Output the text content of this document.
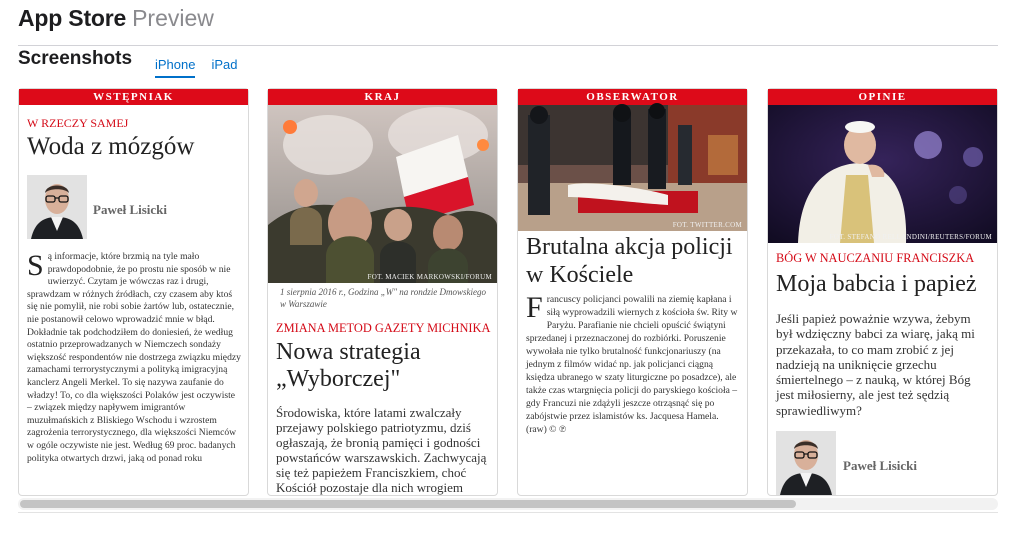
App Store Preview
Screenshots iPhone iPad
WSTĘPNIAK
W RZECZY SAMEJ
Woda z mózgów
Paweł Lisicki
Są informacje, które brzmią na tyle mało prawdopodobnie, że po prostu nie sposób w nie uwierzyć. Czytam je wówczas raz i drugi, sprawdzam w różnych źródłach, czy czasem aby ktoś się nie pomylił, nie robi sobie żartów lub, ostatecznie, nie postanowił celowo wprowadzić mnie w błąd. Dokładnie tak podchodziłem do doniesień, że według ostatnio przeprowadzanych w Niemczech sondaży większość respondentów nie dostrzega związku między zamachami terrorystycznymi a polityką imigracyjną kanclerz Angeli Merkel. To się nazywa zaufanie do władzy! To, co dla większości Polaków jest oczywiste – związek między napływem imigrantów muzułmańskich z Bliskiego Wschodu i wzrostem zagrożenia terrorystycznego, dla większości Niemców w ogóle oczywiste nie jest. Według 69 proc. badanych polityka otwartych drzwi, jaką od ponad roku
KRAJ
FOT. MACIEK MARKOWSKI/FORUM
1 sierpnia 2016 r., Godzina „W" na rondzie Dmowskiego w Warszawie
ZMIANA METOD GAZETY MICHNIKA
Nowa strategia „Wyborczej"
Środowiska, które latami zwalczały przejawy polskiego patriotyzmu, dziś ogłaszają, że bronią pamięci i godności powstańców warszawskich. Zachwycają się też papieżem Franciszkiem, choć Kościół pozostaje dla nich wrogiem
OBSERWATOR
FOT. TWITTER.COM
Brutalna akcja policji w Kościele
Francuscy policjanci powalili na ziemię kapłana i siłą wyprowadzili wiernych z kościoła św. Rity w Paryżu. Parafianie nie chcieli opuścić świątyni sprzedanej i przeznaczonej do rozbiórki. Poruszenie wywołała nie tylko brutalność funkcjonariuszy (na jednym z filmów widać np. jak policjanci ciągną księdza ubranego w szaty liturgiczne po posadzce), ale także czas wtargnięcia policji do paryskiego kościoła – gdy Francuzi nie zdążyli jeszcze otrząsnąć się po zabójstwie przez islamistów ks. Jacquesa Hamela. (raw) © ℗
OPINIE
FOT. STEFANO RELLANDINI/REUTERS/FORUM
BÓG W NAUCZANIU FRANCISZKA
Moja babcia i papież
Jeśli papież poważnie wzywa, żebym był wdzięczny babci za wiarę, jaką mi przekazała, to co mam zrobić z jej nadzieją na uniknięcie grzechu śmiertelnego – z nauką, w której Bóg jest miłosierny, ale jest też sędzią sprawiedliwym?
Paweł Lisicki
